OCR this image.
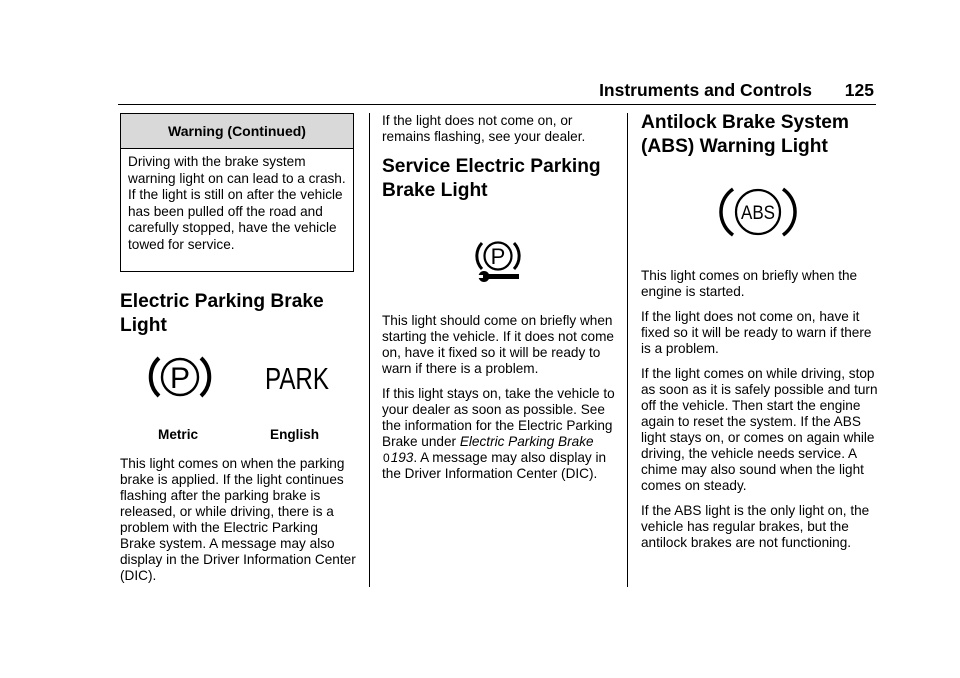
Instruments and Controls 125
Warning (Continued)
Driving with the brake system warning light on can lead to a crash. If the light is still on after the vehicle has been pulled off the road and carefully stopped, have the vehicle towed for service.
Electric Parking Brake Light
P PARK
Metric	English

This light comes on when the parking brake is applied. If the light continues flashing after the parking brake is released, or while driving, there is a problem with the Electric Parking Brake system. A message may also display in the Driver Information Center (DIC).

If the light does not come on, or remains flashing, see your dealer.

Service Electric Parking Brake Light
P

This light should come on briefly when starting the vehicle. If it does not come on, have it fixed so it will be ready to warn if there is a problem.

If this light stays on, take the vehicle to your dealer as soon as possible. See the information for the Electric Parking Brake under Electric Parking Brake 0193. A message may also display in the Driver Information Center (DIC).

Antilock Brake System (ABS) Warning Light
ABS

This light comes on briefly when the engine is started.

If the light does not come on, have it fixed so it will be ready to warn if there is a problem.

If the light comes on while driving, stop as soon as it is safely possible and turn off the vehicle. Then start the engine again to reset the system. If the ABS light stays on, or comes on again while driving, the vehicle needs service. A chime may also sound when the light comes on steady.

If the ABS light is the only light on, the vehicle has regular brakes, but the antilock brakes are not functioning.
